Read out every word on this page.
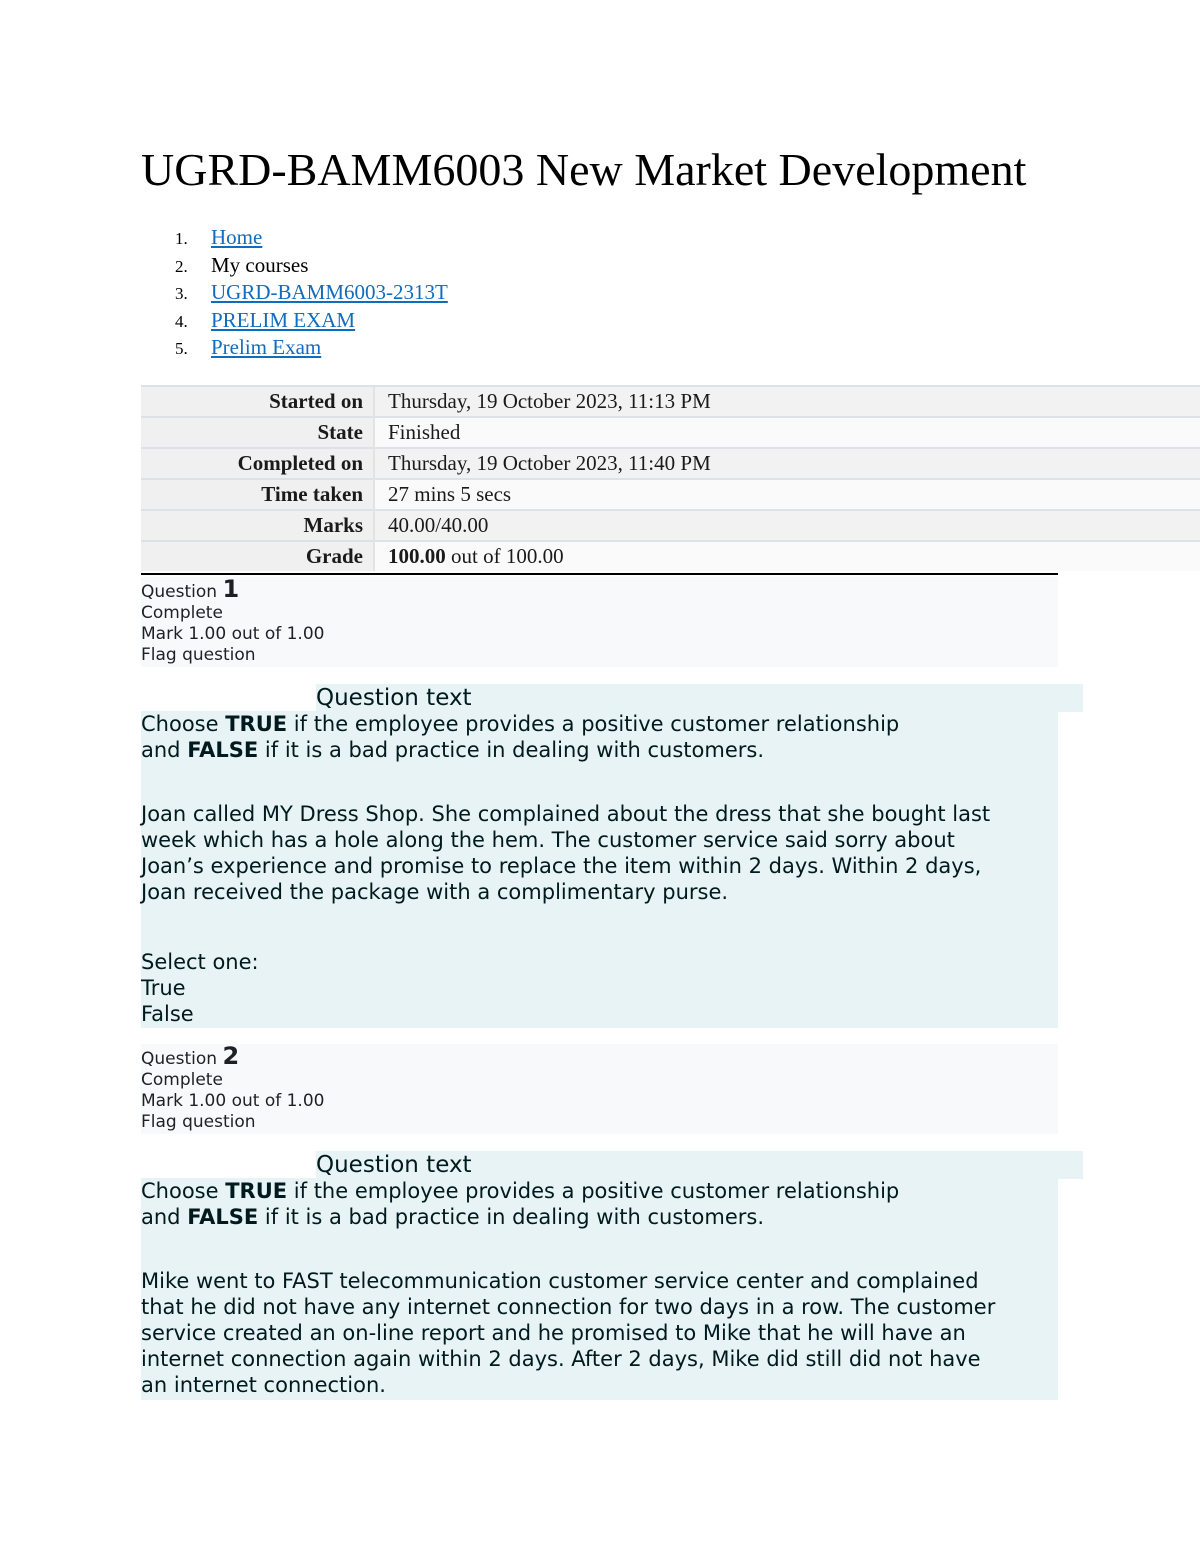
UGRD-BAMM6003 New Market Development
1. Home
2. My courses
3. UGRD-BAMM6003-2313T
4. PRELIM EXAM
5. Prelim Exam
Started on	Thursday, 19 October 2023, 11:13 PM
State	Finished
Completed on	Thursday, 19 October 2023, 11:40 PM
Time taken	27 mins 5 secs
Marks	40.00/40.00
Grade	100.00 out of 100.00
Question 1
Complete
Mark 1.00 out of 1.00
Flag question
Question text

Choose TRUE if the employee provides a positive customer relationship

and FALSE if it is a bad practice in dealing with customers.

Joan called MY Dress Shop. She complained about the dress that she bought last

week which has a hole along the hem. The customer service said sorry about

Joan’s experience and promise to replace the item within 2 days. Within 2 days,

Joan received the package with a complimentary purse.

Select one:

True

False

Question 2
Complete
Mark 1.00 out of 1.00
Flag question
Question text

Choose TRUE if the employee provides a positive customer relationship

and FALSE if it is a bad practice in dealing with customers.

Mike went to FAST telecommunication customer service center and complained

that he did not have any internet connection for two days in a row. The customer

service created an on-line report and he promised to Mike that he will have an

internet connection again within 2 days. After 2 days, Mike did still did not have

an internet connection.
